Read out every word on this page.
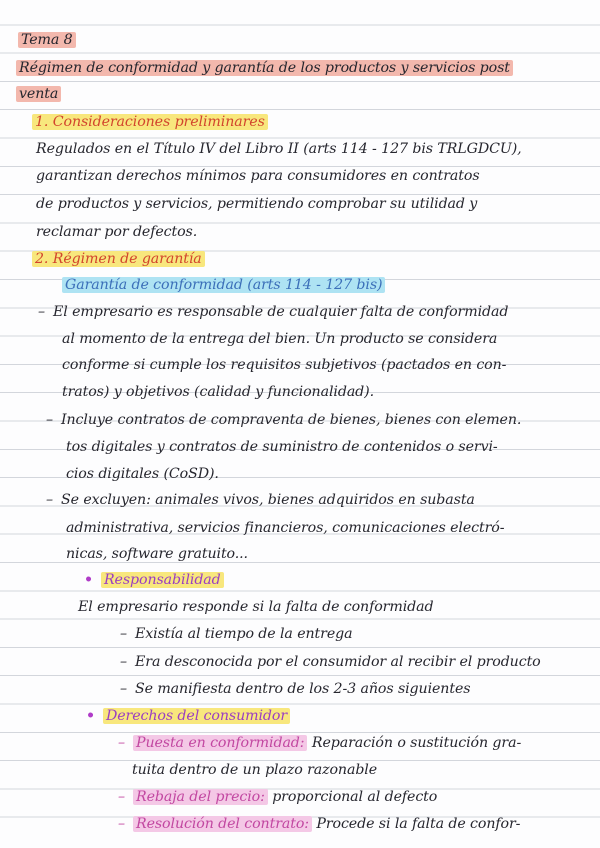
Tema 8
Régimen de conformidad y garantía de los productos y servicios post
venta
1. Consideraciones preliminares
Regulados en el Título IV del Libro II (arts 114 - 127 bis TRLGDCU),
garantizan derechos mínimos para consumidores en contratos
de productos y servicios, permitiendo comprobar su utilidad y
reclamar por defectos.
2. Régimen de garantía
Garantía de conformidad (arts 114 - 127 bis)
– El empresario es responsable de cualquier falta de conformidad
al momento de la entrega del bien. Un producto se considera
conforme si cumple los requisitos subjetivos (pactados en con-
tratos) y objetivos (calidad y funcionalidad).
– Incluye contratos de compraventa de bienes, bienes con elemen.
tos digitales y contratos de suministro de contenidos o servi-
cios digitales (CoSD).
– Se excluyen: animales vivos, bienes adquiridos en subasta
administrativa, servicios financieros, comunicaciones electró-
nicas, software gratuito...
• Responsabilidad
El empresario responde si la falta de conformidad
– Existía al tiempo de la entrega
– Era desconocida por el consumidor al recibir el producto
– Se manifiesta dentro de los 2-3 años siguientes
• Derechos del consumidor
– Puesta en conformidad: Reparación o sustitución gra-
tuita dentro de un plazo razonable
– Rebaja del precio: proporcional al defecto
– Resolución del contrato: Procede si la falta de confor-
